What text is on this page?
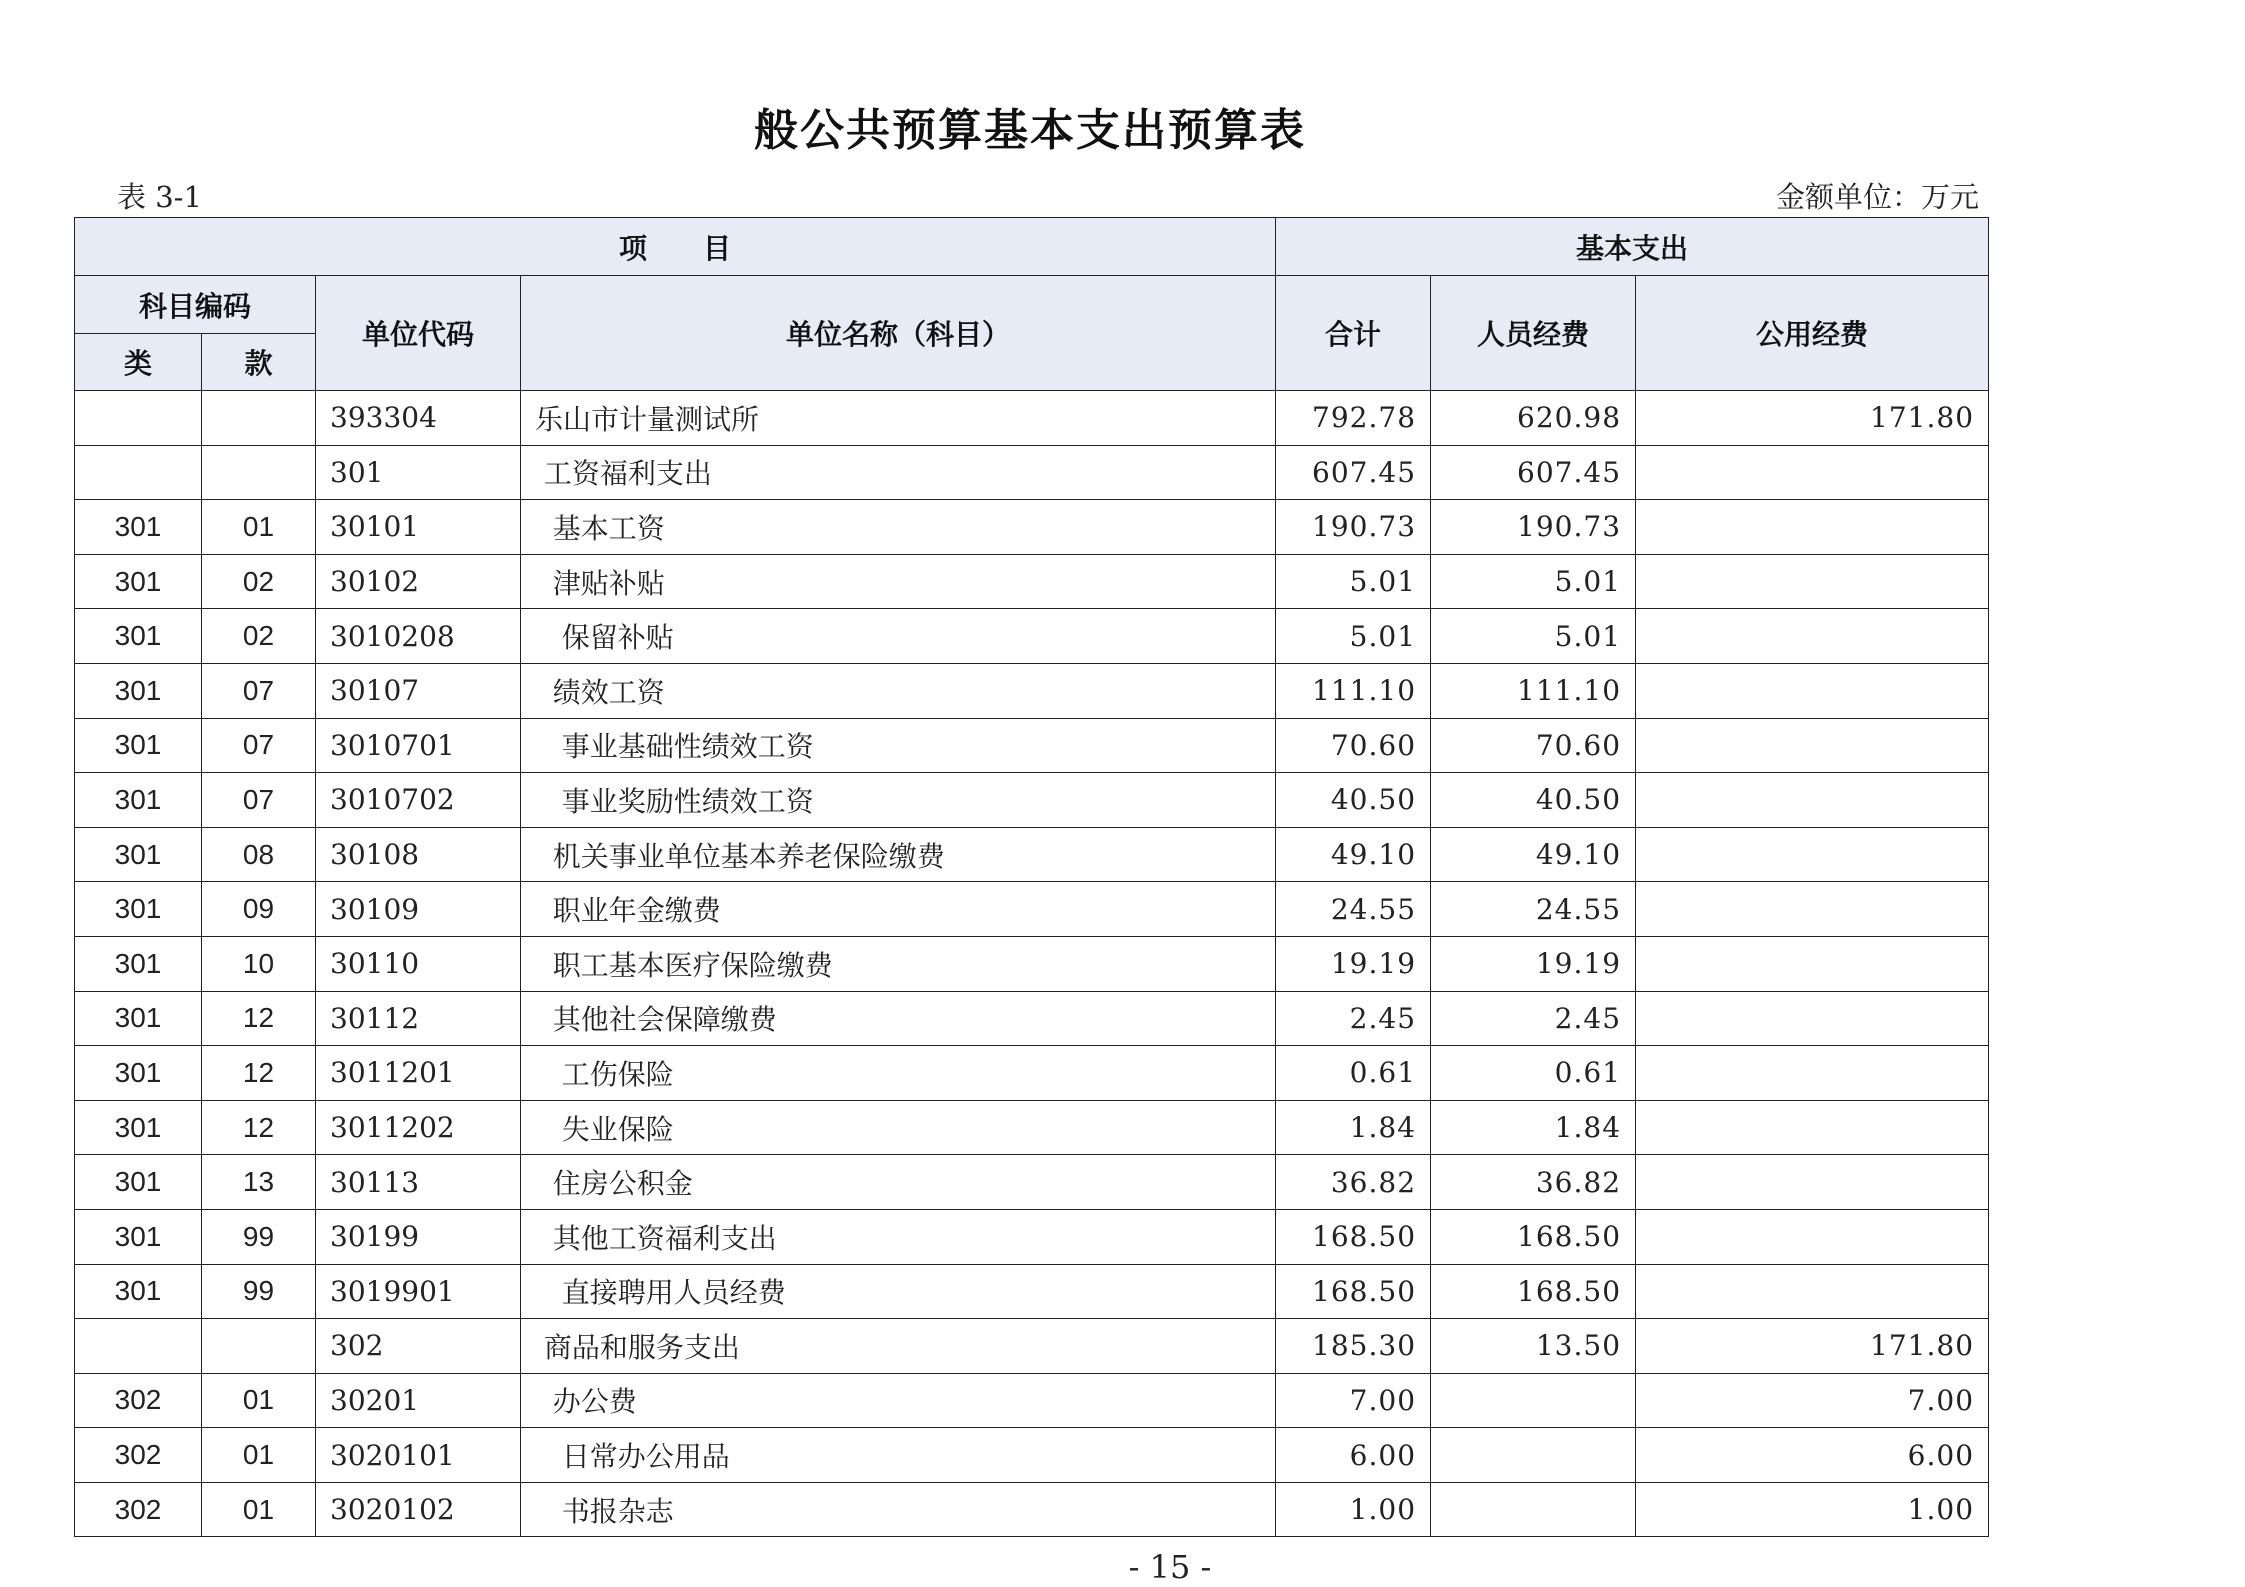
般公共预算基本支出预算表
表 3-1	金额单位：万元
项　　目				基本支出		
科目编码		单位代码	单位名称（科目）	合计	人员经费	公用经费
类	款					
		393304	乐山市计量测试所	792.78	620.98	171.80
		301	工资福利支出	607.45	607.45	
301	01	30101	基本工资	190.73	190.73	
301	02	30102	津贴补贴	5.01	5.01	
301	02	3010208	保留补贴	5.01	5.01	
301	07	30107	绩效工资	111.10	111.10	
301	07	3010701	事业基础性绩效工资	70.60	70.60	
301	07	3010702	事业奖励性绩效工资	40.50	40.50	
301	08	30108	机关事业单位基本养老保险缴费	49.10	49.10	
301	09	30109	职业年金缴费	24.55	24.55	
301	10	30110	职工基本医疗保险缴费	19.19	19.19	
301	12	30112	其他社会保障缴费	2.45	2.45	
301	12	3011201	工伤保险	0.61	0.61	
301	12	3011202	失业保险	1.84	1.84	
301	13	30113	住房公积金	36.82	36.82	
301	99	30199	其他工资福利支出	168.50	168.50	
301	99	3019901	直接聘用人员经费	168.50	168.50	
		302	商品和服务支出	185.30	13.50	171.80
302	01	30201	办公费	7.00		7.00
302	01	3020101	日常办公用品	6.00		6.00
302	01	3020102	书报杂志	1.00		1.00
- 15 -
